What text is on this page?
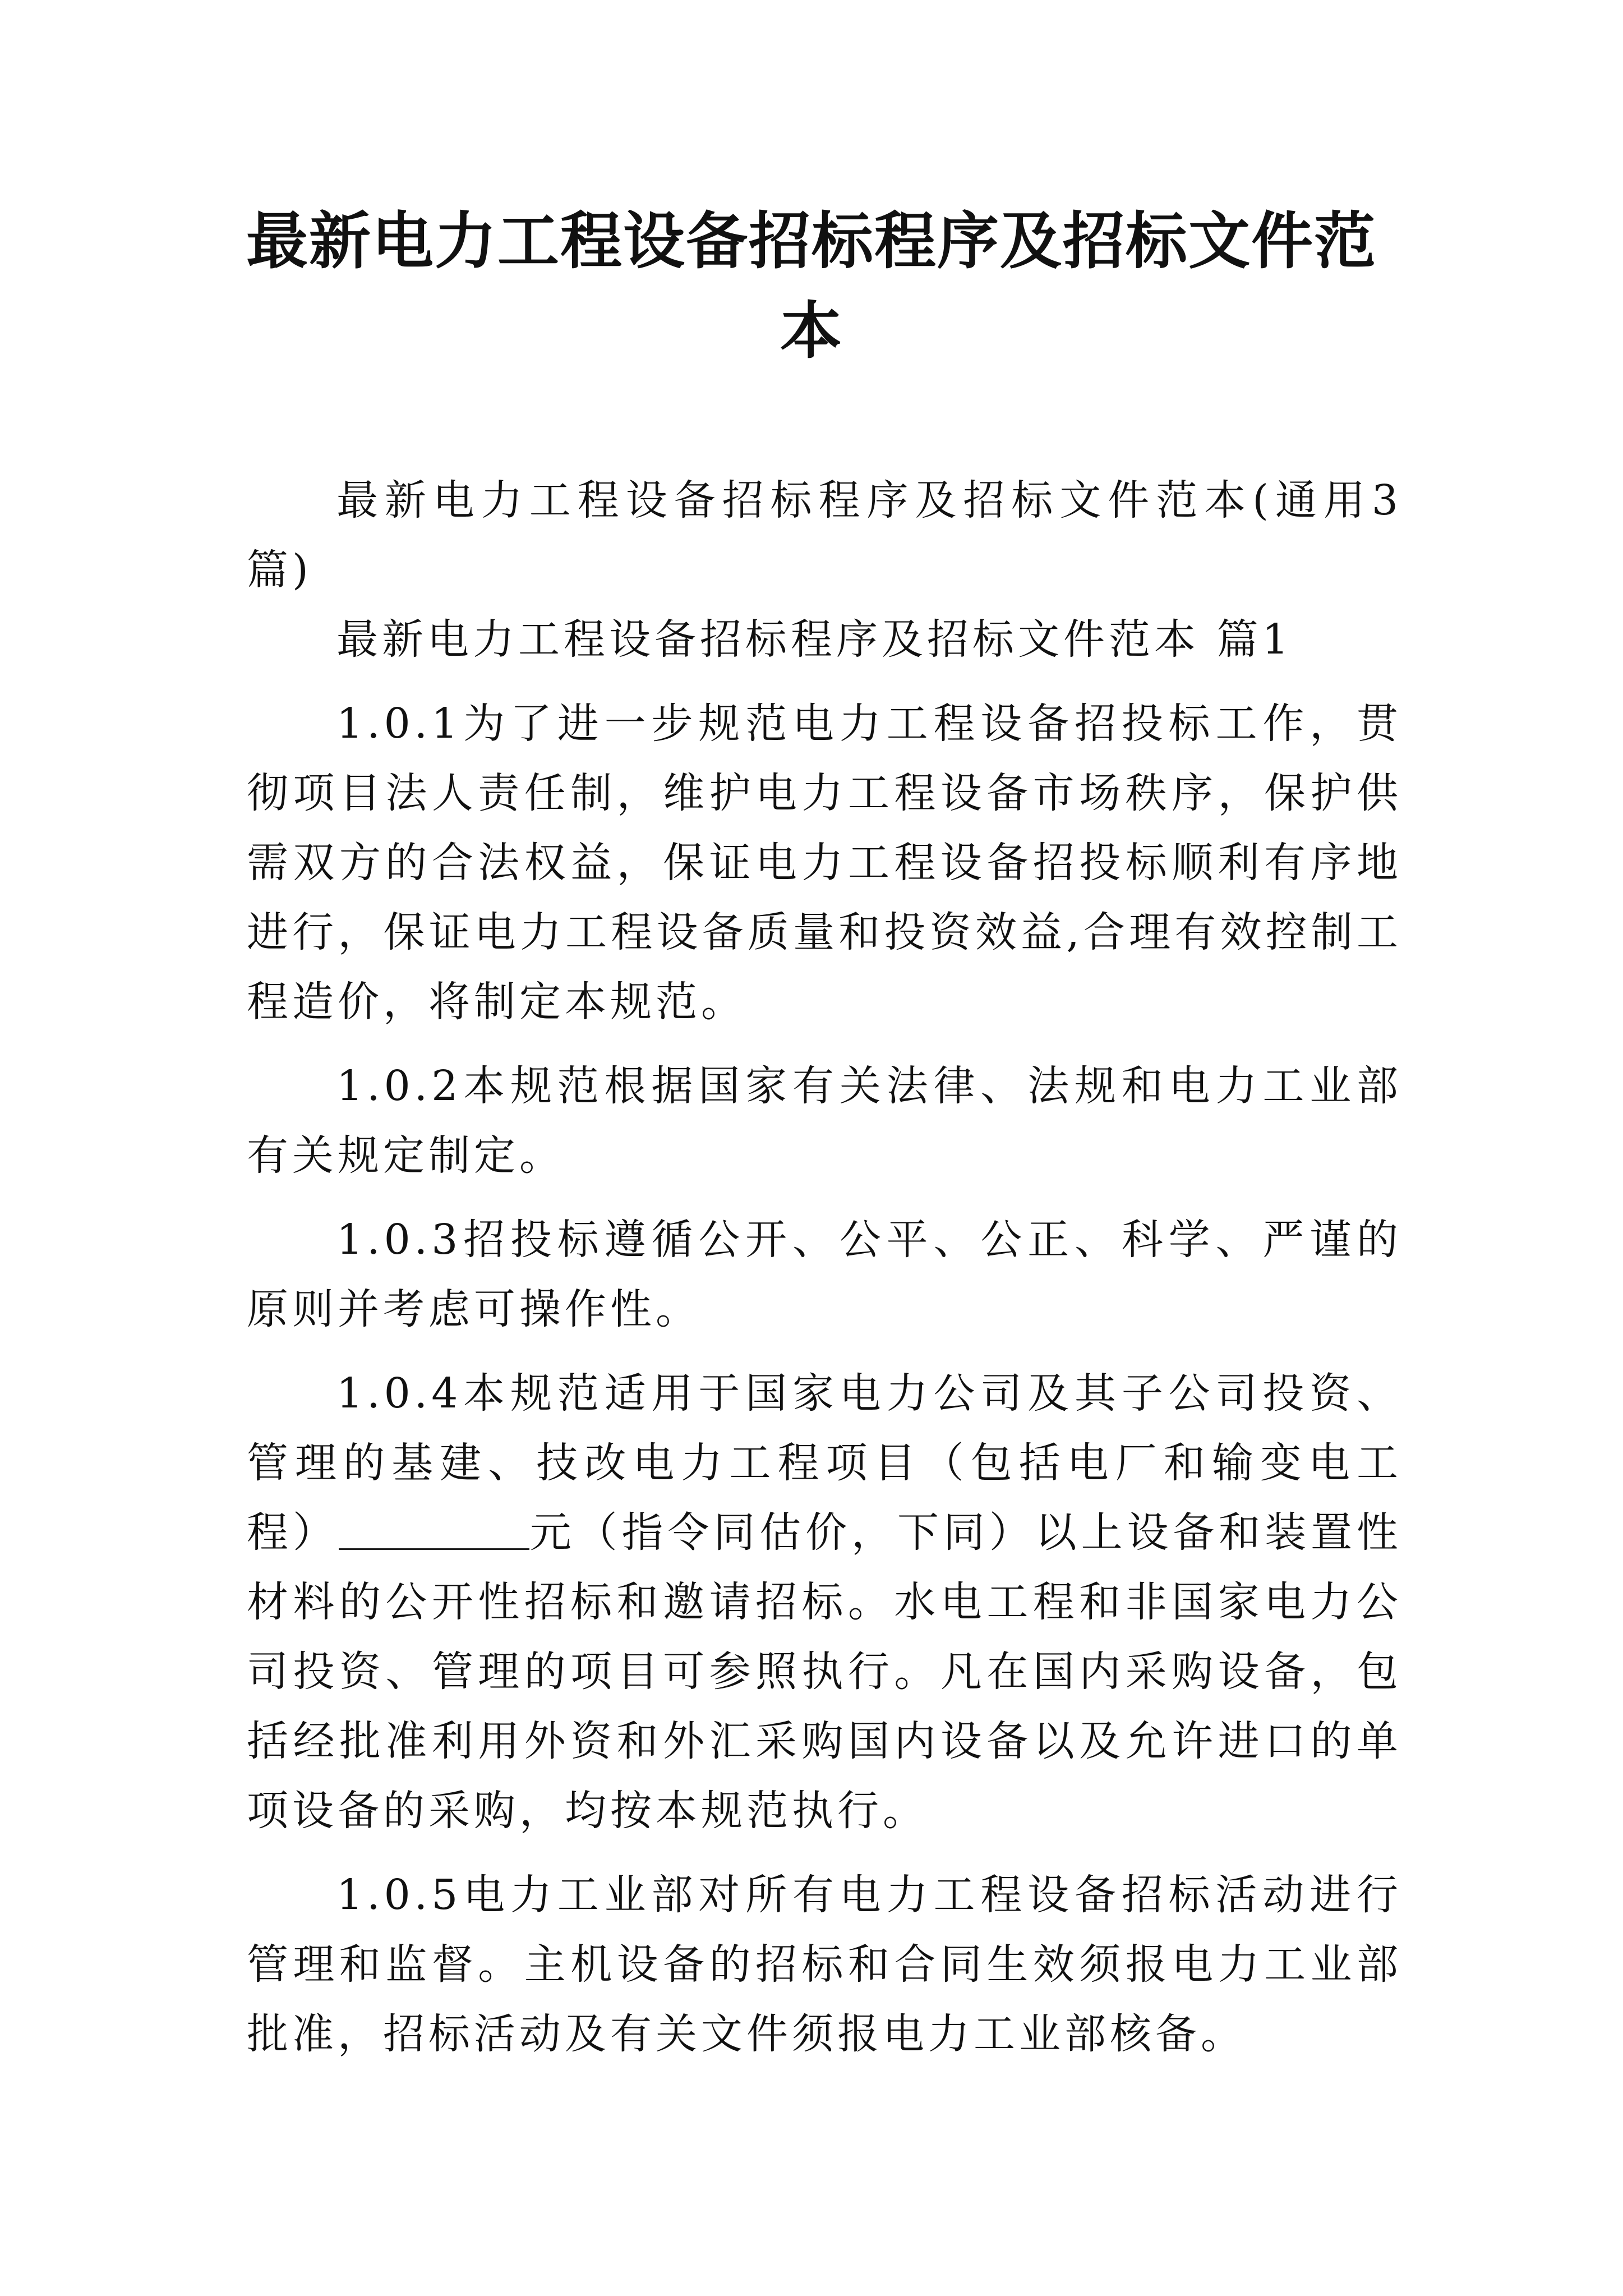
最新电力工程设备招标程序及招标文件范
本

最新电力工程设备招标程序及招标文件范本(通用3篇)

最新电力工程设备招标程序及招标文件范本 篇1

1.0.1为了进一步规范电力工程设备招投标工作，贯彻项目法人责任制，维护电力工程设备市场秩序，保护供需双方的合法权益，保证电力工程设备招投标顺利有序地进行，保证电力工程设备质量和投资效益,合理有效控制工程造价，将制定本规范。

1.0.2本规范根据国家有关法律、法规和电力工业部有关规定制定。

1.0.3招投标遵循公开、公平、公正、科学、严谨的原则并考虑可操作性。

1.0.4本规范适用于国家电力公司及其子公司投资、管理的基建、技改电力工程项目（包括电厂和输变电工程）	元（指令同估价，下同）以上设备和装置性材料的公开性招标和邀请招标。水电工程和非国家电力公司投资、管理的项目可参照执行。凡在国内采购设备，包括经批准利用外资和外汇采购国内设备以及允许进口的单项设备的采购，均按本规范执行。

1.0.5电力工业部对所有电力工程设备招标活动进行管理和监督。主机设备的招标和合同生效须报电力工业部批准，招标活动及有关文件须报电力工业部核备。
